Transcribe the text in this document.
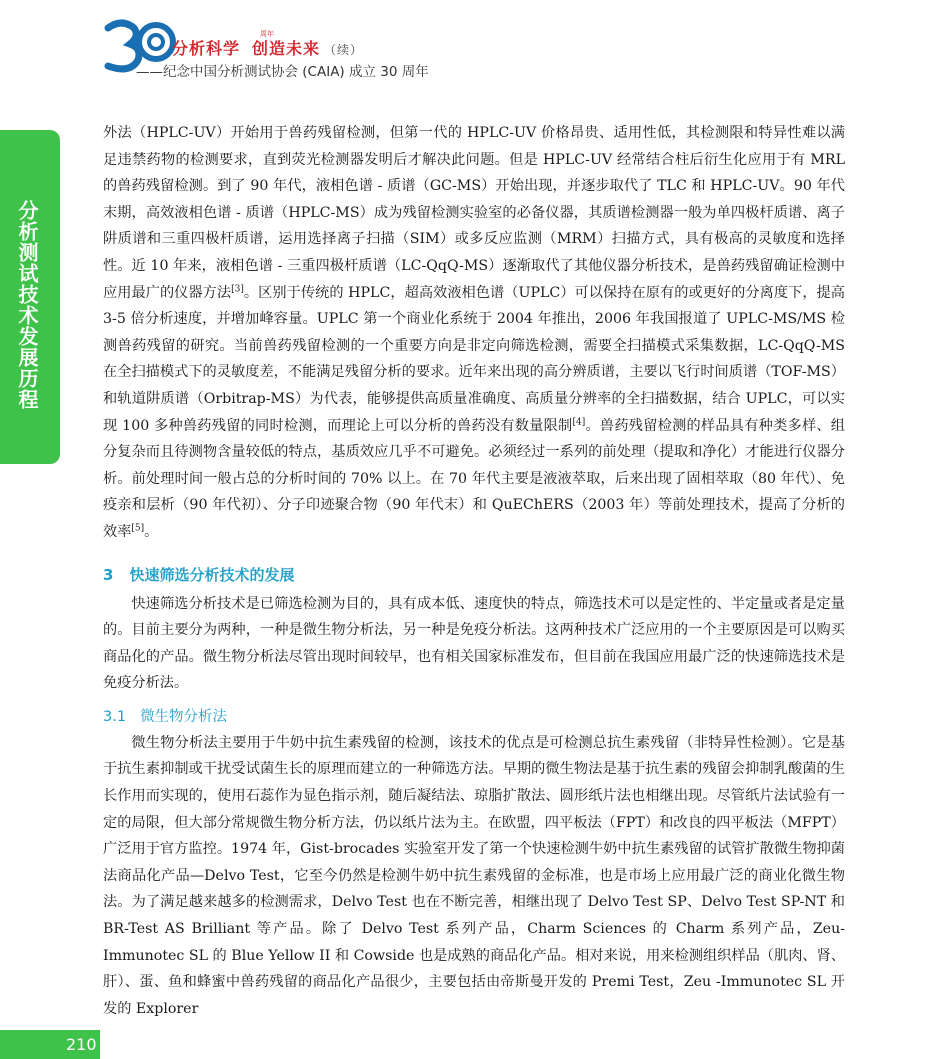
周年
分析科学 创造未来 （续）
——纪念中国分析测试协会 (CAIA) 成立 30 周年
分析测试技术发展历程

外法（HPLC-UV）开始用于兽药残留检测，但第一代的 HPLC-UV 价格昂贵、适用性低，其检测限和特异性难以满足违禁药物的检测要求，直到荧光检测器发明后才解决此问题。但是 HPLC-UV 经常结合柱后衍生化应用于有 MRL 的兽药残留检测。到了 90 年代，液相色谱 - 质谱（GC-MS）开始出现，并逐步取代了 TLC 和 HPLC-UV。90 年代末期，高效液相色谱 - 质谱（HPLC-MS）成为残留检测实验室的必备仪器，其质谱检测器一般为单四极杆质谱、离子阱质谱和三重四极杆质谱，运用选择离子扫描（SIM）或多反应监测（MRM）扫描方式，具有极高的灵敏度和选择性。近 10 年来，液相色谱 - 三重四极杆质谱（LC-QqQ-MS）逐渐取代了其他仪器分析技术，是兽药残留确证检测中应用最广的仪器方法[3]。区别于传统的 HPLC，超高效液相色谱（UPLC）可以保持在原有的或更好的分离度下，提高 3-5 倍分析速度，并增加峰容量。UPLC 第一个商业化系统于 2004 年推出，2006 年我国报道了 UPLC-MS/MS 检测兽药残留的研究。当前兽药残留检测的一个重要方向是非定向筛选检测，需要全扫描模式采集数据，LC-QqQ-MS 在全扫描模式下的灵敏度差，不能满足残留分析的要求。近年来出现的高分辨质谱，主要以飞行时间质谱（TOF-MS）和轨道阱质谱（Orbitrap-MS）为代表，能够提供高质量准确度、高质量分辨率的全扫描数据，结合 UPLC，可以实现 100 多种兽药残留的同时检测，而理论上可以分析的兽药没有数量限制[4]。兽药残留检测的样品具有种类多样、组分复杂而且待测物含量较低的特点，基质效应几乎不可避免。必须经过一系列的前处理（提取和净化）才能进行仪器分析。前处理时间一般占总的分析时间的 70% 以上。在 70 年代主要是液液萃取，后来出现了固相萃取（80 年代）、免疫亲和层析（90 年代初）、分子印迹聚合物（90 年代末）和 QuEChERS（2003 年）等前处理技术，提高了分析的效率[5]。

3 快速筛选分析技术的发展

快速筛选分析技术是已筛选检测为目的，具有成本低、速度快的特点，筛选技术可以是定性的、半定量或者是定量的。目前主要分为两种，一种是微生物分析法，另一种是免疫分析法。这两种技术广泛应用的一个主要原因是可以购买商品化的产品。微生物分析法尽管出现时间较早，也有相关国家标准发布，但目前在我国应用最广泛的快速筛选技术是免疫分析法。

3.1 微生物分析法

微生物分析法主要用于牛奶中抗生素残留的检测，该技术的优点是可检测总抗生素残留（非特异性检测）。它是基于抗生素抑制或干扰受试菌生长的原理而建立的一种筛选方法。早期的微生物法是基于抗生素的残留会抑制乳酸菌的生长作用而实现的，使用石蕊作为显色指示剂，随后凝结法、琼脂扩散法、圆形纸片法也相继出现。尽管纸片法试验有一定的局限，但大部分常规微生物分析方法，仍以纸片法为主。在欧盟，四平板法（FPT）和改良的四平板法（MFPT）广泛用于官方监控。1974 年，Gist-brocades 实验室开发了第一个快速检测牛奶中抗生素残留的试管扩散微生物抑菌法商品化产品—Delvo Test，它至今仍然是检测牛奶中抗生素残留的金标准，也是市场上应用最广泛的商业化微生物法。为了满足越来越多的检测需求，Delvo Test 也在不断完善，相继出现了 Delvo Test SP、Delvo Test SP-NT 和 BR-Test AS Brilliant 等产品。除了 Delvo Test 系列产品，Charm Sciences 的 Charm 系列产品，Zeu-Immunotec SL 的 Blue Yellow II 和 Cowside 也是成熟的商品化产品。相对来说，用来检测组织样品（肌肉、肾、肝）、蛋、鱼和蜂蜜中兽药残留的商品化产品很少，主要包括由帝斯曼开发的 Premi Test，Zeu -Immunotec SL 开发的 Explorer

210
